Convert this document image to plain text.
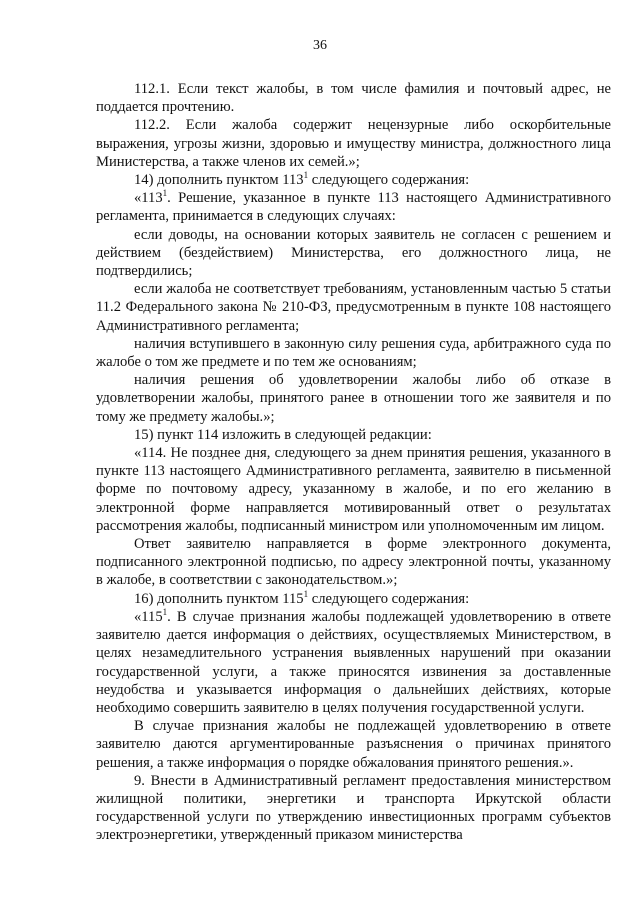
36

112.1. Если текст жалобы, в том числе фамилия и почтовый адрес, не поддается прочтению.

112.2. Если жалоба содержит нецензурные либо оскорбительные выражения, угрозы жизни, здоровью и имуществу министра, должностного лица Министерства, а также членов их семей.»;

14) дополнить пунктом $113^1$ следующего содержания:

«$113^1$. Решение, указанное в пункте 113 настоящего Административного регламента, принимается в следующих случаях:

если доводы, на основании которых заявитель не согласен с решением и действием (бездействием) Министерства, его должностного лица, не подтвердились;

если жалоба не соответствует требованиям, установленным частью 5 статьи 11.2 Федерального закона № 210-ФЗ, предусмотренным в пункте 108 настоящего Административного регламента;

наличия вступившего в законную силу решения суда, арбитражного суда по жалобе о том же предмете и по тем же основаниям;

наличия решения об удовлетворении жалобы либо об отказе в удовлетворении жалобы, принятого ранее в отношении того же заявителя и по тому же предмету жалобы.»;

15) пункт 114 изложить в следующей редакции:

«114. Не позднее дня, следующего за днем принятия решения, указанного в пункте 113 настоящего Административного регламента, заявителю в письменной форме по почтовому адресу, указанному в жалобе, и по его желанию в электронной форме направляется мотивированный ответ о результатах рассмотрения жалобы, подписанный министром или уполномоченным им лицом.

Ответ заявителю направляется в форме электронного документа, подписанного электронной подписью, по адресу электронной почты, указанному в жалобе, в соответствии с законодательством.»;

16) дополнить пунктом $115^1$ следующего содержания:

«$115^1$. В случае признания жалобы подлежащей удовлетворению в ответе заявителю дается информация о действиях, осуществляемых Министерством, в целях незамедлительного устранения выявленных нарушений при оказании государственной услуги, а также приносятся извинения за доставленные неудобства и указывается информация о дальнейших действиях, которые необходимо совершить заявителю в целях получения государственной услуги.

В случае признания жалобы не подлежащей удовлетворению в ответе заявителю даются аргументированные разъяснения о причинах принятого решения, а также информация о порядке обжалования принятого решения.».

9. Внести в Административный регламент предоставления министерством жилищной политики, энергетики и транспорта Иркутской области государственной услуги по утверждению инвестиционных программ субъектов электроэнергетики, утвержденный приказом министерства
